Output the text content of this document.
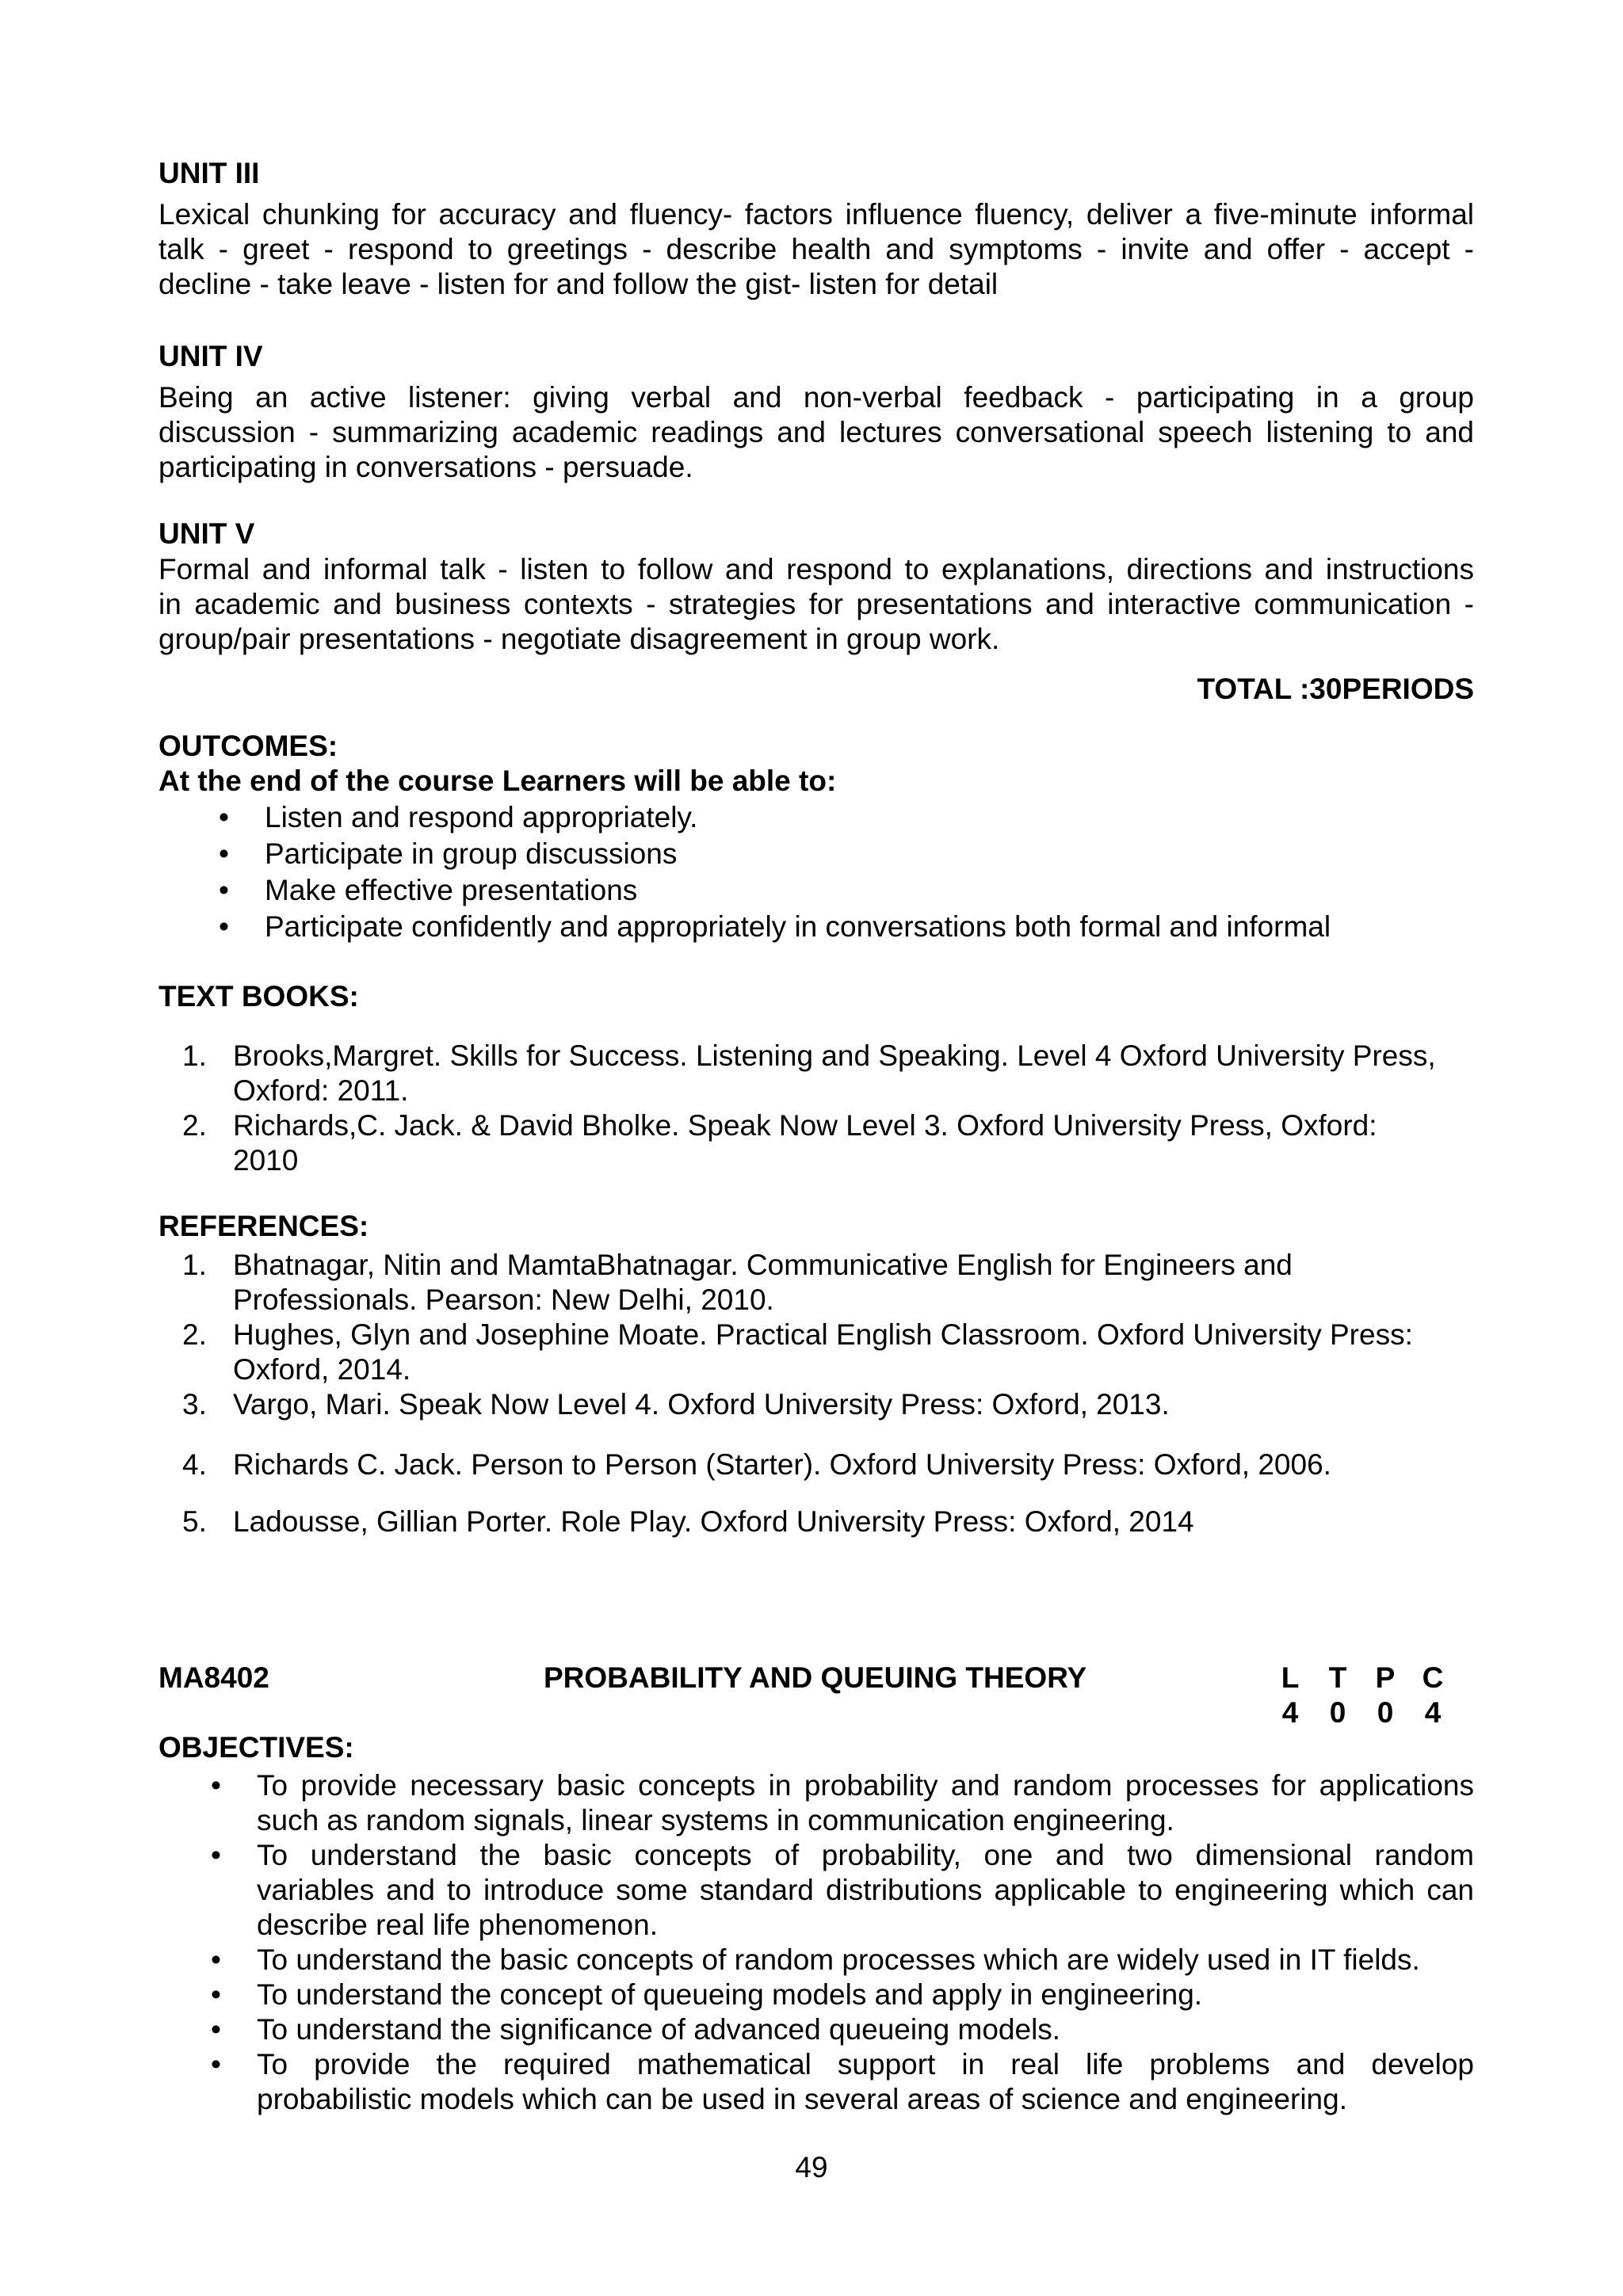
UNIT III
Lexical chunking for accuracy and fluency- factors influence fluency, deliver a five-minute informal
talk - greet - respond to greetings - describe health and symptoms - invite and offer - accept -
decline - take leave - listen for and follow the gist- listen for detail
UNIT IV
Being an active listener: giving verbal and non-verbal feedback - participating in a group
discussion - summarizing academic readings and lectures conversational speech listening to and
participating in conversations - persuade.
UNIT V
Formal and informal talk - listen to follow and respond to explanations, directions and instructions
in academic and business contexts - strategies for presentations and interactive communication -
group/pair presentations - negotiate disagreement in group work.
TOTAL :30PERIODS
OUTCOMES:
At the end of the course Learners will be able to:
• Listen and respond appropriately.
• Participate in group discussions
• Make effective presentations
• Participate confidently and appropriately in conversations both formal and informal
TEXT BOOKS:
1. Brooks,Margret. Skills for Success. Listening and Speaking. Level 4 Oxford University Press,
Oxford: 2011.
2. Richards,C. Jack. & David Bholke. Speak Now Level 3. Oxford University Press, Oxford:
2010
REFERENCES:
1. Bhatnagar, Nitin and MamtaBhatnagar. Communicative English for Engineers and
Professionals. Pearson: New Delhi, 2010.
2. Hughes, Glyn and Josephine Moate. Practical English Classroom. Oxford University Press:
Oxford, 2014.
3. Vargo, Mari. Speak Now Level 4. Oxford University Press: Oxford, 2013.
4. Richards C. Jack. Person to Person (Starter). Oxford University Press: Oxford, 2006.
5. Ladousse, Gillian Porter. Role Play. Oxford University Press: Oxford, 2014
MA8402	PROBABILITY AND QUEUING THEORY	L	T P C
4	0	0	4
OBJECTIVES:
• To provide necessary basic concepts in probability and random processes for applications
such as random signals, linear systems in communication engineering.
• To understand the basic concepts of probability, one and two dimensional random
variables and to introduce some standard distributions applicable to engineering which can
describe real life phenomenon.
• To understand the basic concepts of random processes which are widely used in IT fields.
• To understand the concept of queueing models and apply in engineering.
• To understand the significance of advanced queueing models.
• To provide the required mathematical support in real life problems and develop
probabilistic models which can be used in several areas of science and engineering.
49
